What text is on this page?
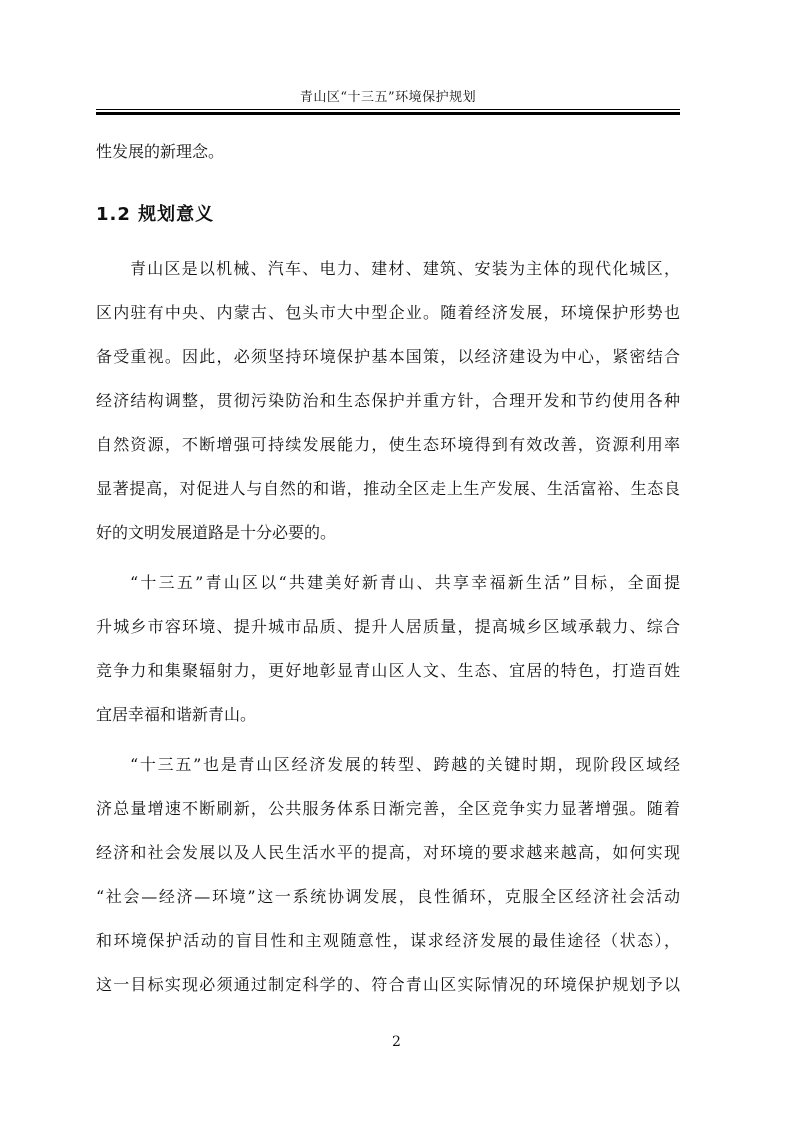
青山区“十三五”环境保护规划
性发展的新理念。
1.2 规划意义
青山区是以机械、汽车、电力、建材、建筑、安装为主体的现代化城区，
区内驻有中央、内蒙古、包头市大中型企业。随着经济发展，环境保护形势也
备受重视。因此，必须坚持环境保护基本国策，以经济建设为中心，紧密结合
经济结构调整，贯彻污染防治和生态保护并重方针，合理开发和节约使用各种
自然资源，不断增强可持续发展能力，使生态环境得到有效改善，资源利用率
显著提高，对促进人与自然的和谐，推动全区走上生产发展、生活富裕、生态良
好的文明发展道路是十分必要的。
“十三五”青山区以“共建美好新青山、共享幸福新生活”目标，全面提
升城乡市容环境、提升城市品质、提升人居质量，提高城乡区域承载力、综合
竞争力和集聚辐射力，更好地彰显青山区人文、生态、宜居的特色，打造百姓
宜居幸福和谐新青山。
“十三五”也是青山区经济发展的转型、跨越的关键时期，现阶段区域经
济总量增速不断刷新，公共服务体系日渐完善，全区竞争实力显著增强。随着
经济和社会发展以及人民生活水平的提高，对环境的要求越来越高，如何实现
“社会—经济—环境”这一系统协调发展，良性循环，克服全区经济社会活动
和环境保护活动的盲目性和主观随意性，谋求经济发展的最佳途径（状态），
这一目标实现必须通过制定科学的、符合青山区实际情况的环境保护规划予以
2
